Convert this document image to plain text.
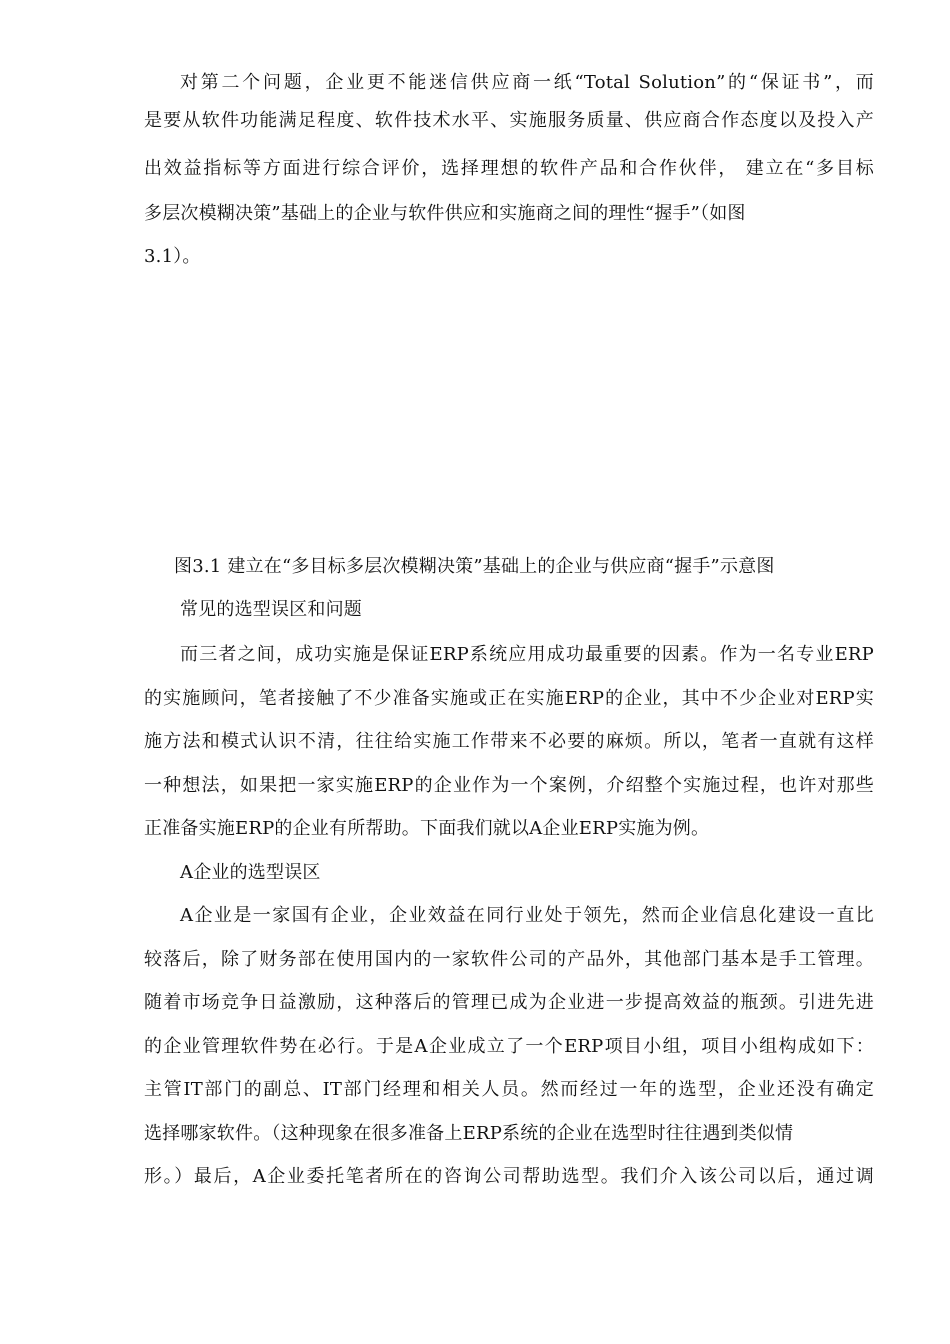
对第二个问题，企业更不能迷信供应商一纸“Total Solution”的“保证书”，而
是要从软件功能满足程度、软件技术水平、实施服务质量、供应商合作态度以及投入产
出效益指标等方面进行综合评价，选择理想的软件产品和合作伙伴， 建立在“多目标
多层次模糊决策”基础上的企业与软件供应和实施商之间的理性“握手”（如图
3.1）。
图3.1 建立在“多目标多层次模糊决策”基础上的企业与供应商“握手”示意图
常见的选型误区和问题
而三者之间，成功实施是保证ERP系统应用成功最重要的因素。作为一名专业ERP
的实施顾问，笔者接触了不少准备实施或正在实施ERP的企业，其中不少企业对ERP实
施方法和模式认识不清，往往给实施工作带来不必要的麻烦。所以，笔者一直就有这样
一种想法，如果把一家实施ERP的企业作为一个案例，介绍整个实施过程，也许对那些
正准备实施ERP的企业有所帮助。下面我们就以A企业ERP实施为例。
A企业的选型误区
A企业是一家国有企业，企业效益在同行业处于领先，然而企业信息化建设一直比
较落后，除了财务部在使用国内的一家软件公司的产品外，其他部门基本是手工管理。
随着市场竞争日益激励，这种落后的管理已成为企业进一步提高效益的瓶颈。引进先进
的企业管理软件势在必行。于是A企业成立了一个ERP项目小组，项目小组构成如下：
主管IT部门的副总、IT部门经理和相关人员。然而经过一年的选型，企业还没有确定
选择哪家软件。（这种现象在很多准备上ERP系统的企业在选型时往往遇到类似情
形。）最后，A企业委托笔者所在的咨询公司帮助选型。我们介入该公司以后，通过调
